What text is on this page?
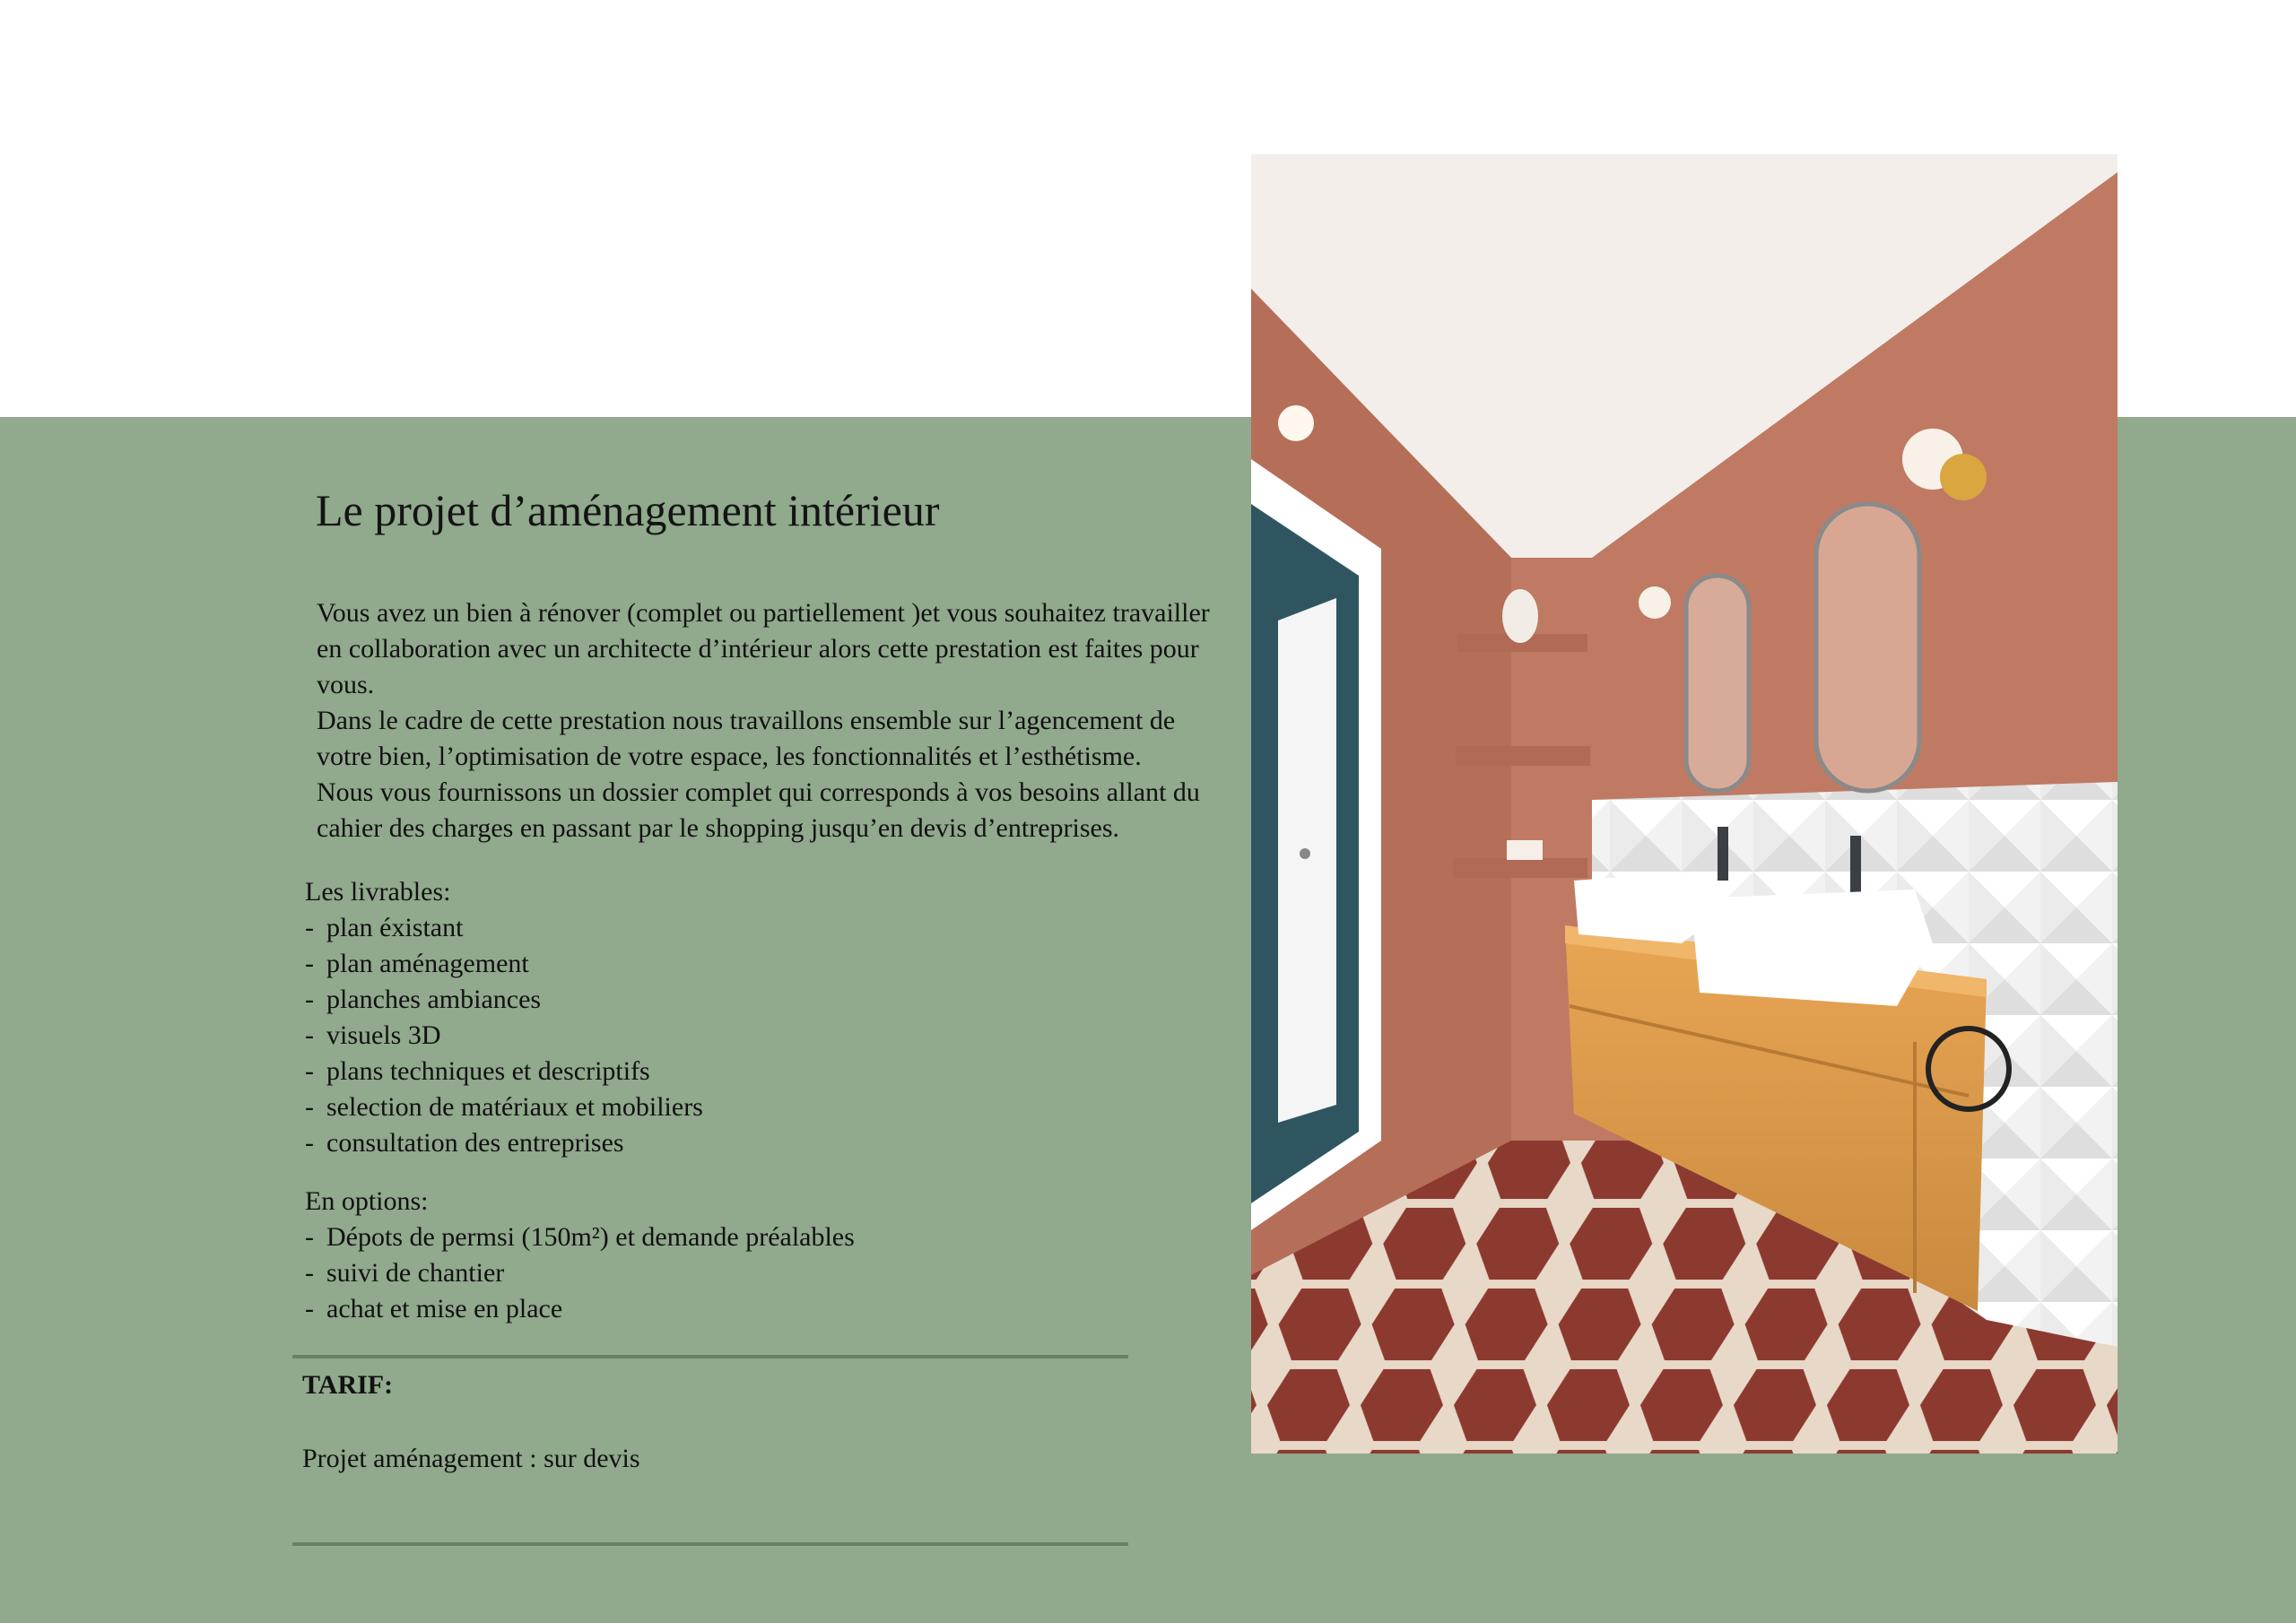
Le projet d’aménagement intérieur

Vous avez un bien à rénover (complet ou partiellement )et vous souhaitez travailler en collaboration avec un architecte d’intérieur alors cette prestation est faites pour vous.

Dans le cadre de cette prestation nous travaillons ensemble sur l’agencement de votre bien, l’optimisation de votre espace, les fonctionnalités et l’esthétisme.

Nous vous fournissons un dossier complet qui corresponds à vos besoins allant du cahier des charges en passant par le shopping jusqu’en devis d’entreprises.

Les livrables:

- plan éxistant
- plan aménagement
- planches ambiances
- visuels 3D
- plans techniques et descriptifs
- selection de matériaux et mobiliers
- consultation des entreprises

En options:

- Dépots de permsi (150m²) et demande préalables
- suivi de chantier
- achat et mise en place

TARIF:

Projet aménagement : sur devis
